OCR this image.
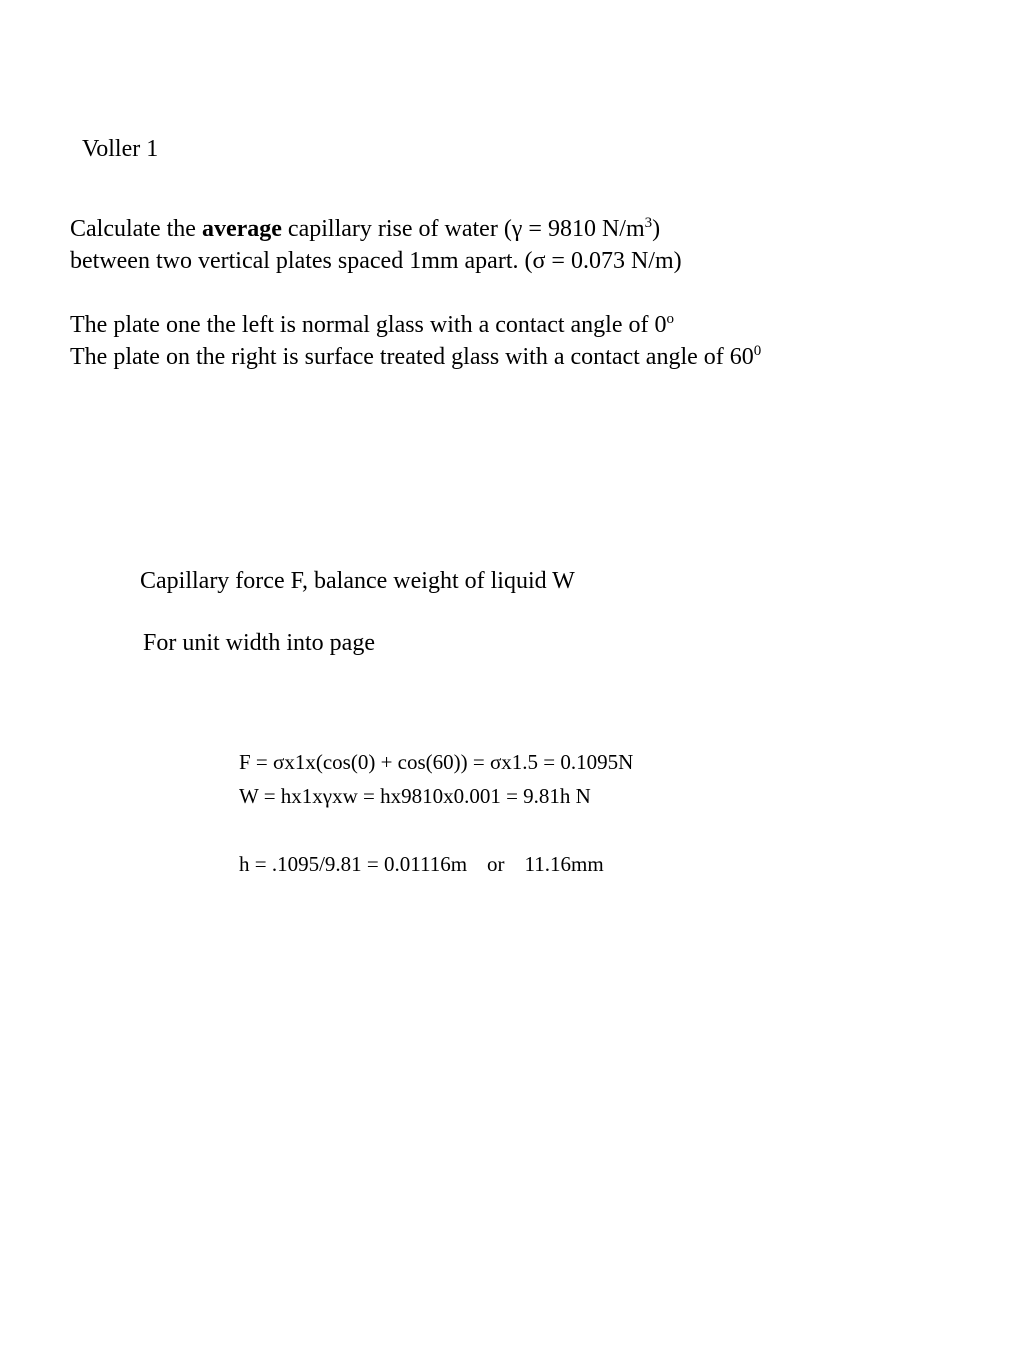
Voller 1

Calculate the average capillary rise of water (γ = 9810 $N/m^3$)
between two vertical plates spaced 1mm apart. (σ = 0.073 N/m)

The plate one the left is normal glass with a contact angle of 0$^o$
The plate on the right is surface treated glass with a contact angle of $60^0$

Capillary force F, balance weight of liquid W

For unit width into page

F = σx1x(cos(0) + cos(60)) = σx1.5 = 0.1095N

W = hx1xγxw = hx9810x0.001 = 9.81h N

h = .1095/9.81 = 0.01116m or 11.16mm
